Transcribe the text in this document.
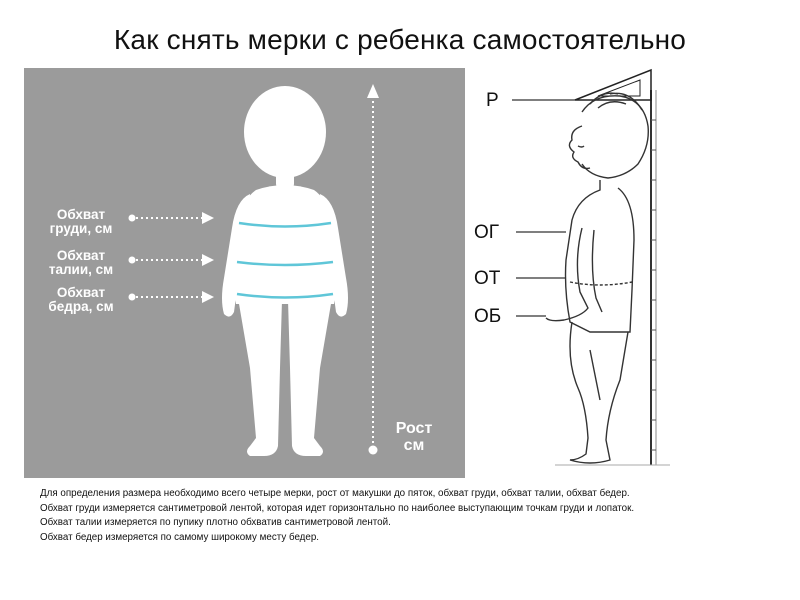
Как снять мерки с ребенка самостоятельно
Обхват
груди, см
Обхват
талии, см
Обхват
бедра, см
Рост
см
Р
ОГ
ОТ
ОБ

Для определения размера необходимо всего четыре мерки, рост от макушки до пяток, обхват груди, обхват талии, обхват бедер.

Обхват груди измеряется сантиметровой лентой, которая идет горизонтально по наиболее выступающим точкам груди и лопаток.

Обхват талии измеряется по пупику плотно обхватив сантиметровой лентой.

Обхват бедер измеряется по самому широкому месту бедер.
